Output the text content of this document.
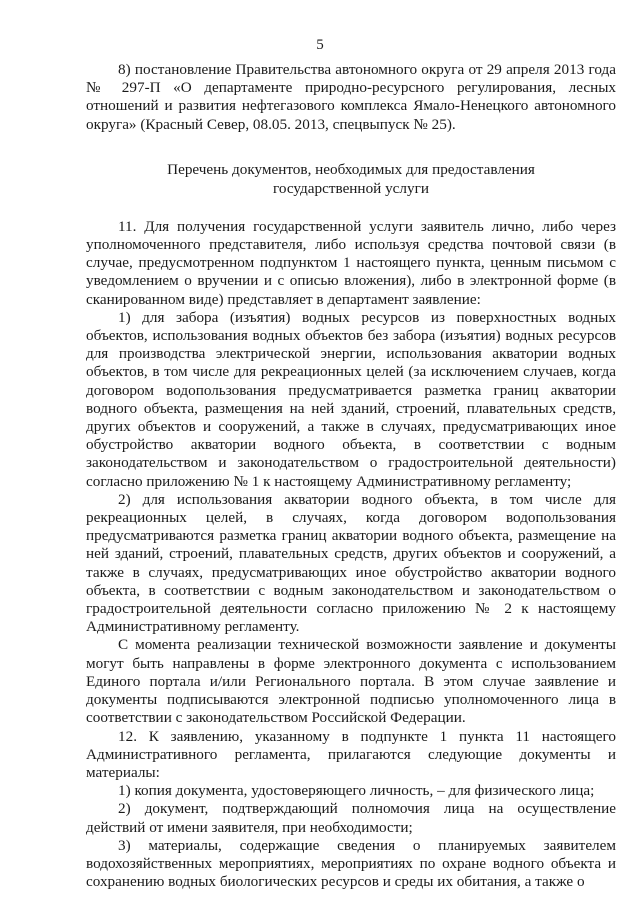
5

8) постановление Правительства автономного округа от 29 апреля 2013 года № 297-П «О департаменте природно-ресурсного регулирования, лесных отношений и развития нефтегазового комплекса Ямало-Ненецкого автономного округа» (Красный Север, 08.05. 2013, спецвыпуск № 25).

Перечень документов, необходимых для предоставления
государственной услуги

11. Для получения государственной услуги заявитель лично, либо через уполномоченного представителя, либо используя средства почтовой связи (в случае, предусмотренном подпунктом 1 настоящего пункта, ценным письмом с уведомлением о вручении и с описью вложения), либо в электронной форме (в сканированном виде) представляет в департамент заявление:

1) для забора (изъятия) водных ресурсов из поверхностных водных объектов, использования водных объектов без забора (изъятия) водных ресурсов для производства электрической энергии, использования акватории водных объектов, в том числе для рекреационных целей (за исключением случаев, когда договором водопользования предусматривается разметка границ акватории водного объекта, размещения на ней зданий, строений, плавательных средств, других объектов и сооружений, а также в случаях, предусматривающих иное обустройство акватории водного объекта, в соответствии с водным законодательством и законодательством о градостроительной деятельности) согласно приложению № 1 к настоящему Административному регламенту;

2) для использования акватории водного объекта, в том числе для рекреационных целей, в случаях, когда договором водопользования предусматриваются разметка границ акватории водного объекта, размещение на ней зданий, строений, плавательных средств, других объектов и сооружений, а также в случаях, предусматривающих иное обустройство акватории водного объекта, в соответствии с водным законодательством и законодательством о градостроительной деятельности согласно приложению № 2 к настоящему Административному регламенту.

С момента реализации технической возможности заявление и документы могут быть направлены в форме электронного документа с использованием Единого портала и/или Регионального портала. В этом случае заявление и документы подписываются электронной подписью уполномоченного лица в соответствии с законодательством Российской Федерации.

12. К заявлению, указанному в подпункте 1 пункта 11 настоящего Административного регламента, прилагаются следующие документы и материалы:

1) копия документа, удостоверяющего личность, – для физического лица;

2) документ, подтверждающий полномочия лица на осуществление действий от имени заявителя, при необходимости;

3) материалы, содержащие сведения о планируемых заявителем водохозяйственных мероприятиях, мероприятиях по охране водного объекта и сохранению водных биологических ресурсов и среды их обитания, а также о
